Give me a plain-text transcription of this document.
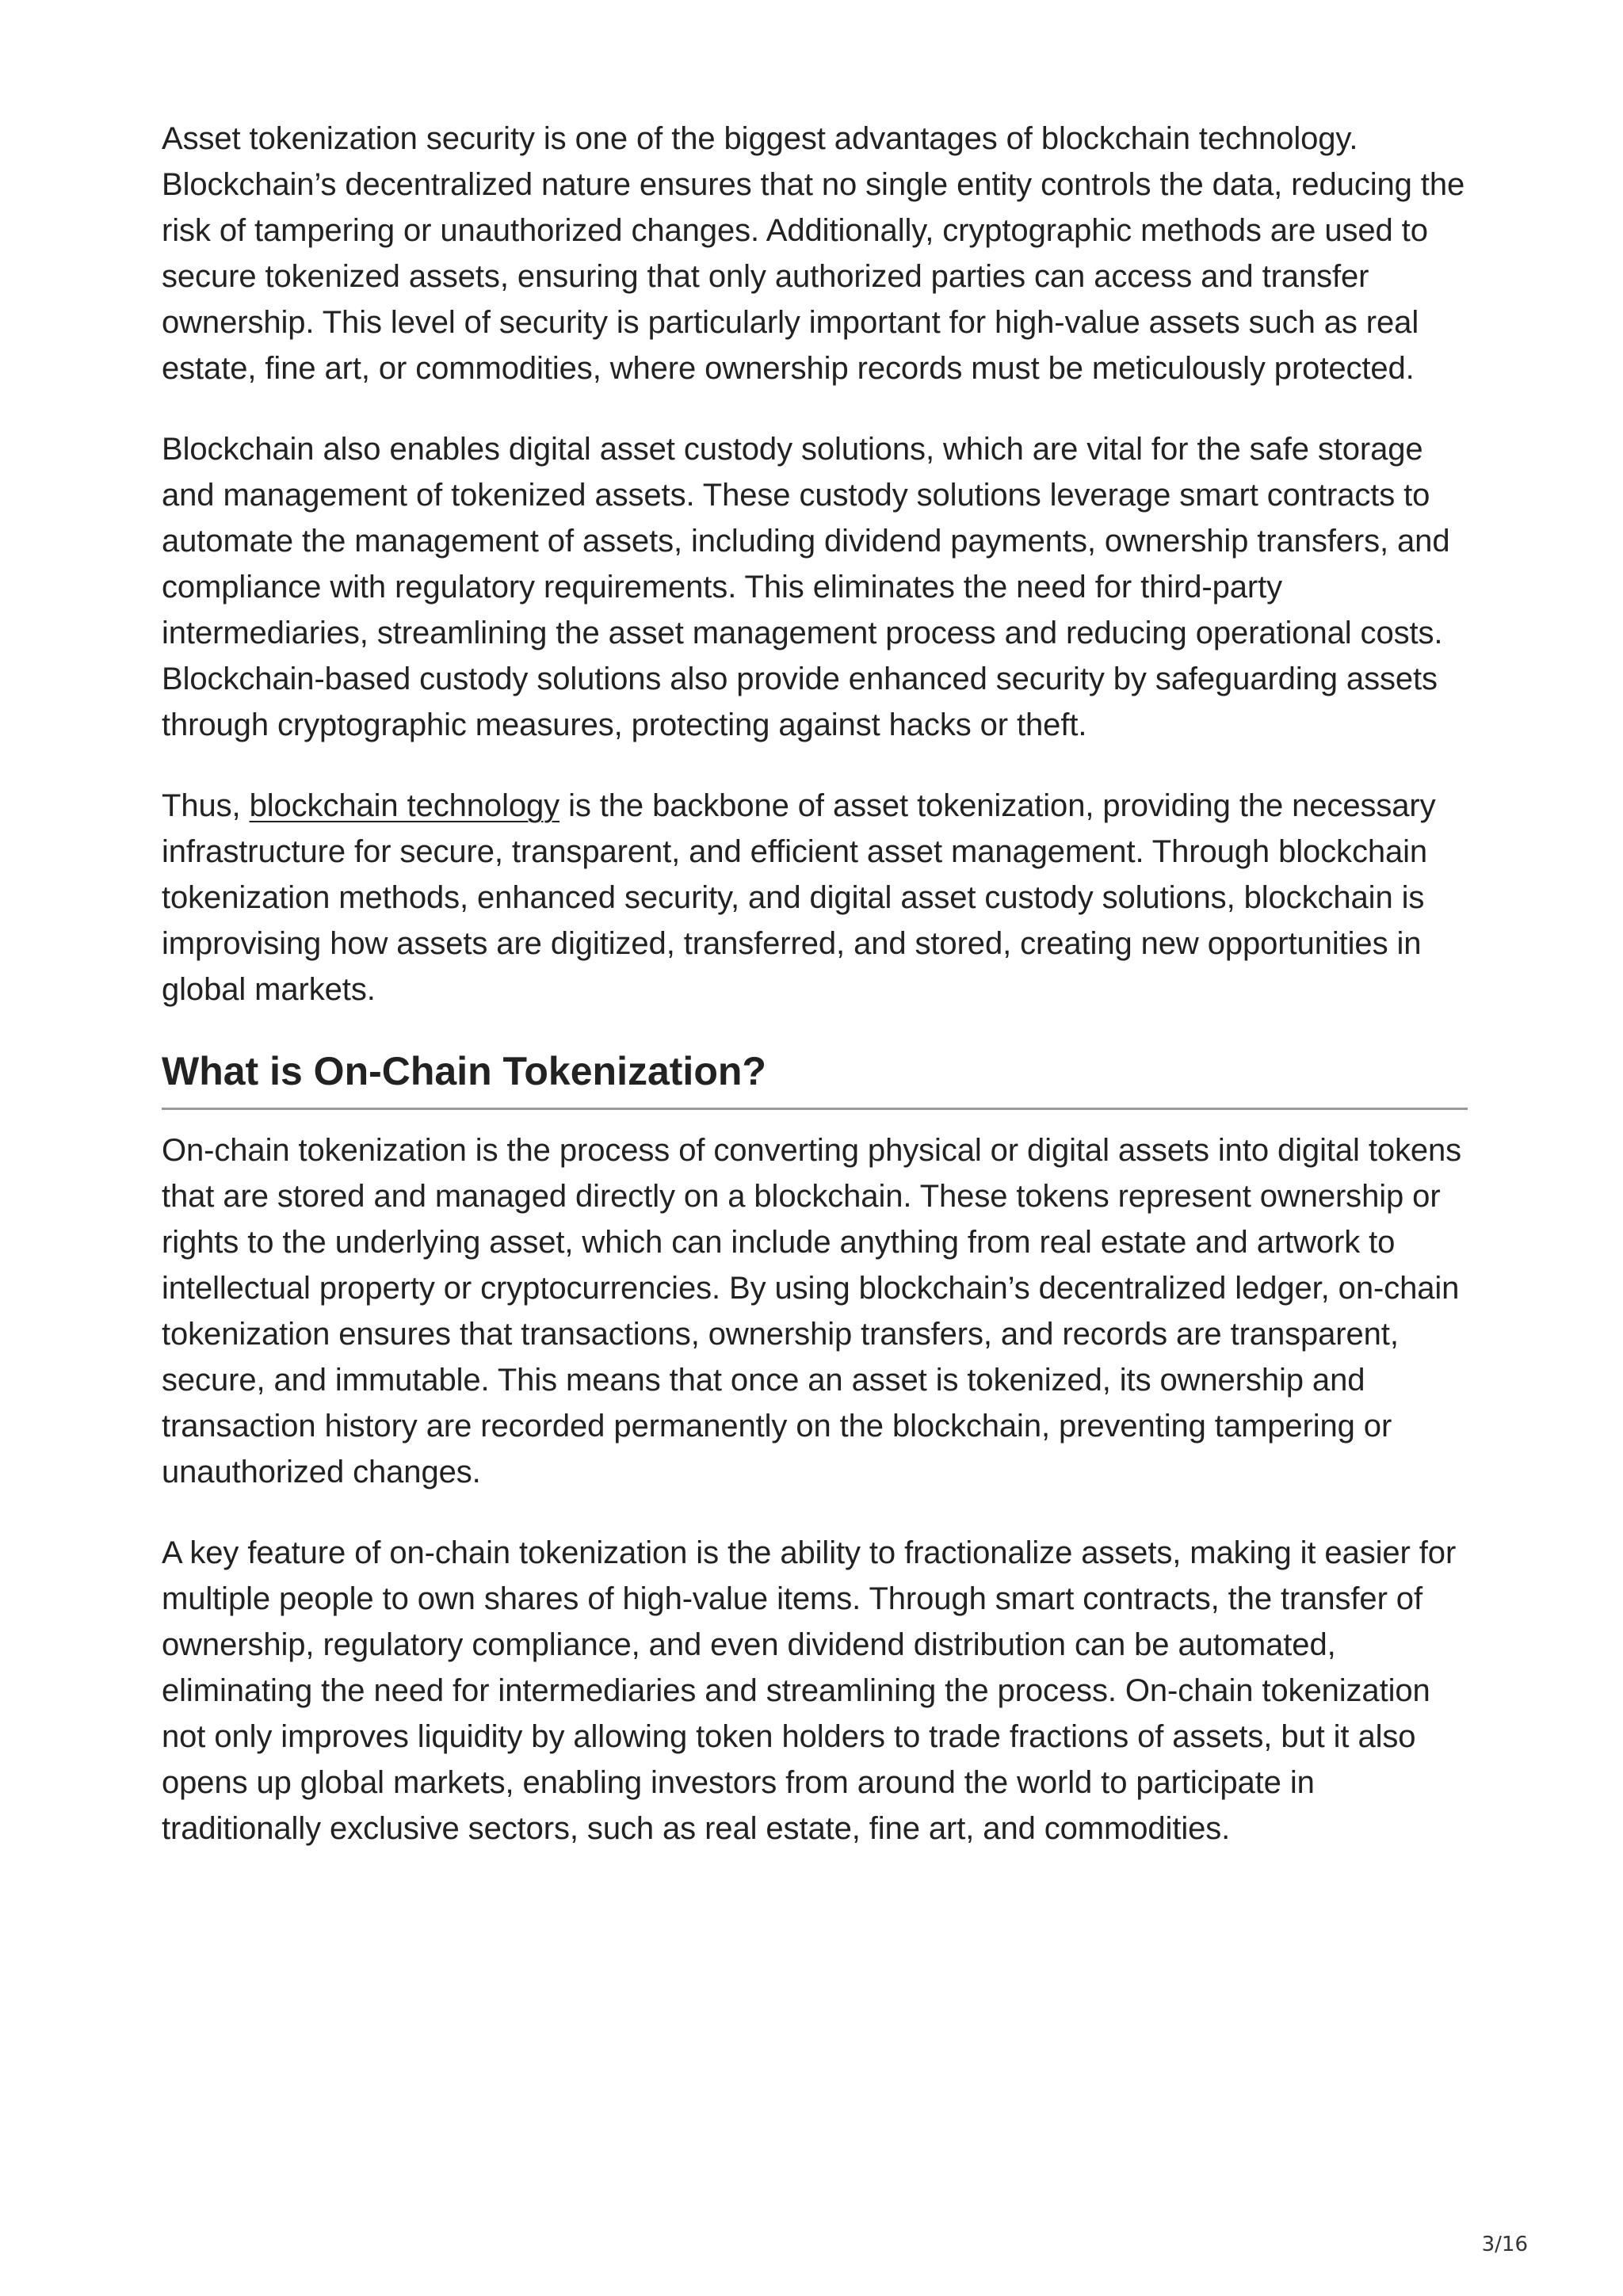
Asset tokenization security is one of the biggest advantages of blockchain technology. Blockchain’s decentralized nature ensures that no single entity controls the data, reducing the risk of tampering or unauthorized changes. Additionally, cryptographic methods are used to secure tokenized assets, ensuring that only authorized parties can access and transfer ownership. This level of security is particularly important for high-value assets such as real estate, fine art, or commodities, where ownership records must be meticulously protected.

Blockchain also enables digital asset custody solutions, which are vital for the safe storage and management of tokenized assets. These custody solutions leverage smart contracts to automate the management of assets, including dividend payments, ownership transfers, and compliance with regulatory requirements. This eliminates the need for third-party intermediaries, streamlining the asset management process and reducing operational costs. Blockchain-based custody solutions also provide enhanced security by safeguarding assets through cryptographic measures, protecting against hacks or theft.

Thus, blockchain technology is the backbone of asset tokenization, providing the necessary infrastructure for secure, transparent, and efficient asset management. Through blockchain tokenization methods, enhanced security, and digital asset custody solutions, blockchain is improvising how assets are digitized, transferred, and stored, creating new opportunities in global markets.

What is On-Chain Tokenization?

On-chain tokenization is the process of converting physical or digital assets into digital tokens that are stored and managed directly on a blockchain. These tokens represent ownership or rights to the underlying asset, which can include anything from real estate and artwork to intellectual property or cryptocurrencies. By using blockchain’s decentralized ledger, on-chain tokenization ensures that transactions, ownership transfers, and records are transparent, secure, and immutable. This means that once an asset is tokenized, its ownership and transaction history are recorded permanently on the blockchain, preventing tampering or unauthorized changes.

A key feature of on-chain tokenization is the ability to fractionalize assets, making it easier for multiple people to own shares of high-value items. Through smart contracts, the transfer of ownership, regulatory compliance, and even dividend distribution can be automated, eliminating the need for intermediaries and streamlining the process. On-chain tokenization not only improves liquidity by allowing token holders to trade fractions of assets, but it also opens up global markets, enabling investors from around the world to participate in traditionally exclusive sectors, such as real estate, fine art, and commodities.

3/16
